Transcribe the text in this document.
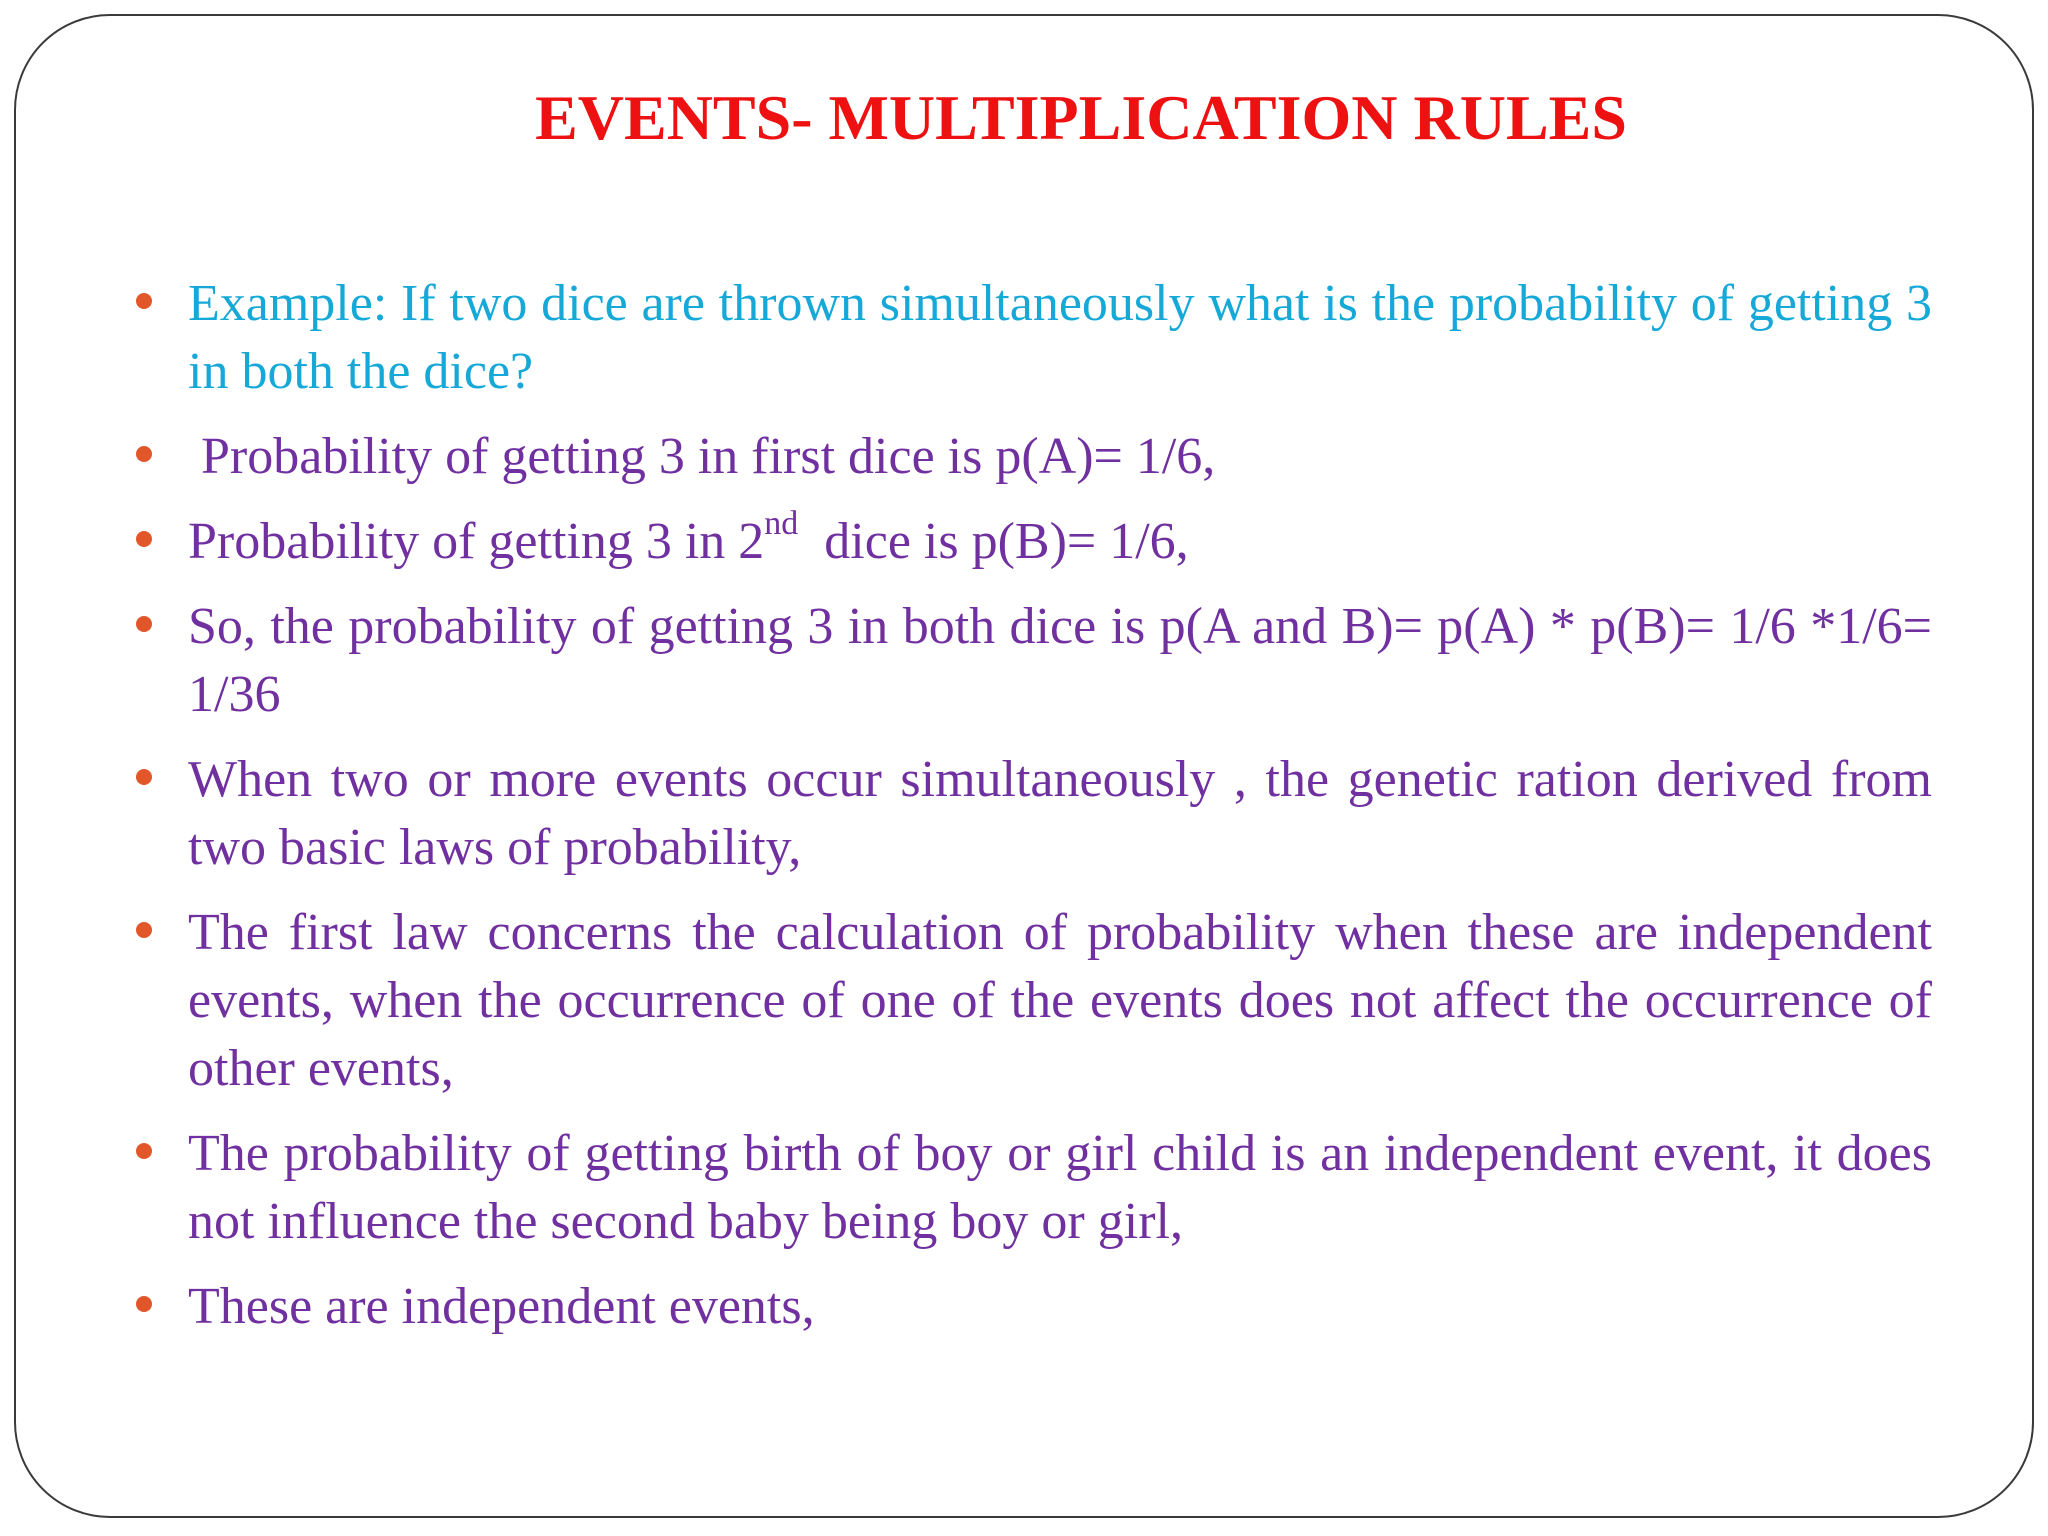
EVENTS- MULTIPLICATION RULES
Example: If two dice are thrown simultaneously what is the probability of getting 3 in both the dice?
Probability of getting 3 in first dice is p(A)= 1/6,
Probability of getting 3 in 2nd  dice is p(B)= 1/6,
So, the probability of getting 3 in both dice is p(A and B)= p(A) * p(B)= 1/6 *1/6= 1/36
When two or more events occur simultaneously , the genetic ration derived from two basic laws of probability,
The first law concerns the calculation of probability when these are independent events, when the occurrence of one of the events does not affect the occurrence of other events,
The probability of getting birth of boy or girl child is an independent event, it does not influence the second baby being boy or girl,
These are independent events,
